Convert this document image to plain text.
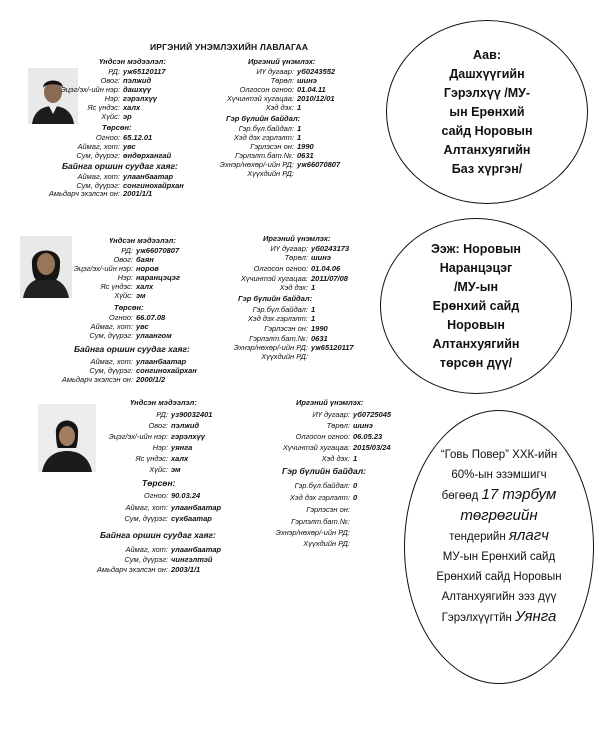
ИРГЭНИЙ УНЭМЛЭХИЙН ЛАВЛАГАА
Үндсэн мэдээлэл:
РД: уж65120117
Овог: пэлжид
Эцэг/эх/-ийн нэр: дашхүү
Нэр: гэрэлхүү
Яс үндэс: халх
Хүйс: эр
Төрсөн:
Огноо: 65.12.01
Аймаг, хот: увс
Сум, дүүрэг: өндөрхангай
Байнга оршин суудаг хаяг:
Аймаг, хот: улаанбаатар
Сум, дүүрэг: сонгинохайрхан
Амьдарч эхэлсэн он: 2001/1/1
Иргэний үнэмлэх:
ИҮ дугаар: уб0243552
Төрөл: шинэ
Олгосон огноо: 01.04.11
Хүчинтэй хугацаа: 2010/12/01
Хэд дэх: 1
Гэр бүлийн байдал:
Гэр.бүл.байдал: 1
Хэд дэх гэрлэлт: 1
Гэрлэсэн он: 1990
Гэрлэлт.бат.№: 0631
Эхнэр/нөхөр/-ийн РД: уж66070807
Хүүхдийн РД:
Аав:
Дашхүүгийн
Гэрэлхүү /МУ-
ын Ерөнхий
сайд Норовын
Алтанхуягийн
Баз хүргэн/
Үндсэн мэдээлэл:
РД: уж66070807
Овог: баян
Эцэг/эх/-ийн нэр: норов
Нэр: наранцэцэг
Яс үндэс: халх
Хүйс: эм
Төрсөн:
Огноо: 66.07.08
Аймаг, хот: увс
Сум, дүүрэг: улаангом
Байнга оршин суудаг хаяг:
Аймаг, хот: улаанбаатар
Сум, дүүрэг: сонгинохайрхан
Амьдарч эхэлсэн он: 2000/1/2
Иргэний үнэмлэх:
ИҮ дугаар: уб0243173
Төрөл: шинэ
Олгосон огноо: 01.04.06
Хүчинтэй хугацаа: 2011/07/08
Хэд дэх: 1
Гэр бүлийн байдал:
Гэр.бүл.байдал: 1
Хэд дэх гэрлэлт: 1
Гэрлэсэн он: 1990
Гэрлэлт.бат.№: 0631
Эхнэр/нөхөр/-ийн РД: уж65120117
Хүүхдийн РД:
Ээж: Норовын
Наранцэцэг
/МУ-ын
Ерөнхий сайд
Норовын
Алтанхуягийн
төрсөн дүү/
Үндсэн мэдээлэл:
РД: уз90032401
Овог: пэлжид
Эцэг/эх/-ийн нэр: гэрэлхүү
Нэр: уянга
Яс үндэс: халх
Хүйс: эм
Төрсөн:
Огноо: 90.03.24
Аймаг, хот: улаанбаатар
Сум, дүүрэг: сүхбаатар
Байнга оршин суудаг хаяг:
Аймаг, хот: улаанбаатар
Сум, дүүрэг: чингэлтэй
Амьдарч эхэлсэн он: 2003/1/1
Иргэний үнэмлэх:
ИҮ дугаар: уб0725045
Төрөл: шинэ
Олгосон огноо: 06.05.23
Хүчинтэй хугацаа: 2015/03/24
Хэд дэх: 1
Гэр бүлийн байдал:
Гэр.бүл.байдал: 0
Хэд дэх гэрлэлт: 0
Гэрлэсэн он:
Гэрлэлт.бат.№:
Эхнэр/нөхөр/-ийн РД:
Хүүхдийн РД:
“Говь Повер” ХХК-ийн
60%-ын эзэмшигч
бөгөөд 17 тэрбум
төгрөгийн
тендерийн ялагч
МУ-ын Ерөнхий сайд
Ерөнхий сайд Норовын
Алтанхуягийн ээз дүү
Гэрэлхүүгтйн Уянга
